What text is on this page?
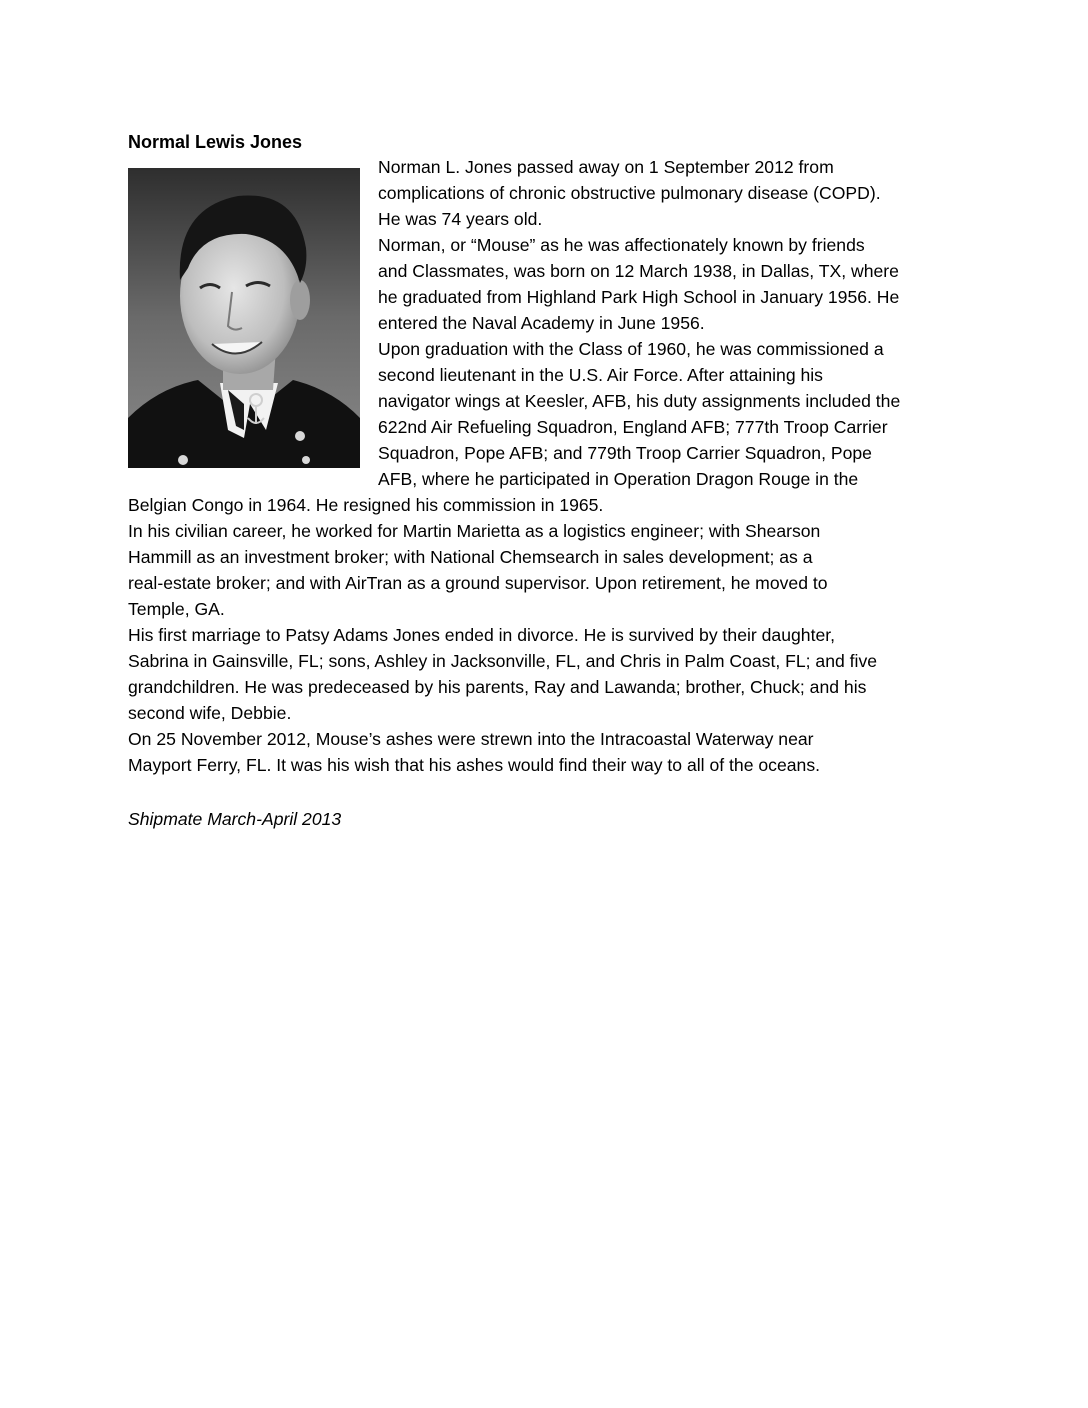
Normal Lewis Jones
Norman L. Jones passed away on 1 September 2012 from
complications of chronic obstructive pulmonary disease (COPD).
He was 74 years old.
Norman, or “Mouse” as he was affectionately known by friends
and Classmates, was born on 12 March 1938, in Dallas, TX, where
he graduated from Highland Park High School in January 1956. He
entered the Naval Academy in June 1956.
Upon graduation with the Class of 1960, he was commissioned a
second lieutenant in the U.S. Air Force. After attaining his
navigator wings at Keesler, AFB, his duty assignments included the
622nd Air Refueling Squadron, England AFB; 777th Troop Carrier
Squadron, Pope AFB; and 779th Troop Carrier Squadron, Pope
AFB, where he participated in Operation Dragon Rouge in the
Belgian Congo in 1964. He resigned his commission in 1965.
In his civilian career, he worked for Martin Marietta as a logistics engineer; with Shearson
Hammill as an investment broker; with National Chemsearch in sales development; as a
real-estate broker; and with AirTran as a ground supervisor. Upon retirement, he moved to
Temple, GA.
His first marriage to Patsy Adams Jones ended in divorce. He is survived by their daughter,
Sabrina in Gainsville, FL; sons, Ashley in Jacksonville, FL, and Chris in Palm Coast, FL; and five
grandchildren. He was predeceased by his parents, Ray and Lawanda; brother, Chuck; and his
second wife, Debbie.
On 25 November 2012, Mouse’s ashes were strewn into the Intracoastal Waterway near
Mayport Ferry, FL. It was his wish that his ashes would find their way to all of the oceans.
Shipmate March-April 2013
